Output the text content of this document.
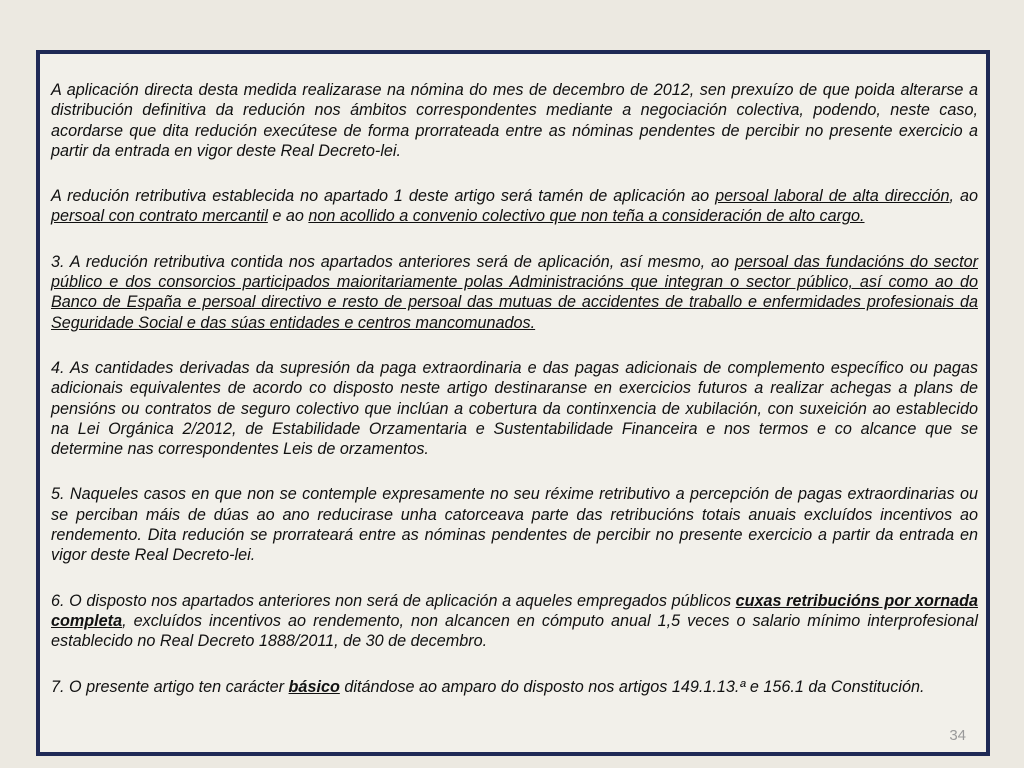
A aplicación directa desta medida realizarase na nómina do mes de decembro de 2012, sen prexuízo de que poida alterarse a distribución definitiva da redución nos ámbitos correspondentes mediante a negociación colectiva, podendo, neste caso, acordarse que dita redución execútese de forma prorrateada entre as nóminas pendentes de percibir no presente exercicio a partir da entrada en vigor deste Real Decreto-lei.

A redución retributiva establecida no apartado 1 deste artigo será tamén de aplicación ao persoal laboral de alta dirección, ao persoal con contrato mercantil e ao non acollido a convenio colectivo que non teña a consideración de alto cargo.

3. A redución retributiva contida nos apartados anteriores será de aplicación, así mesmo, ao persoal das fundacións do sector público e dos consorcios participados maioritariamente polas Administracións que integran o sector público, así como ao do Banco de España e persoal directivo e resto de persoal das mutuas de accidentes de traballo e enfermidades profesionais da Seguridade Social e das súas entidades e centros mancomunados.

4. As cantidades derivadas da supresión da paga extraordinaria e das pagas adicionais de complemento específico ou pagas adicionais equivalentes de acordo co disposto neste artigo destinaranse en exercicios futuros a realizar achegas a plans de pensións ou contratos de seguro colectivo que inclúan a cobertura da continxencia de xubilación, con suxeición ao establecido na Lei Orgánica 2/2012, de Estabilidade Orzamentaria e Sustentabilidade Financeira e nos termos e co alcance que se determine nas correspondentes Leis de orzamentos.

5. Naqueles casos en que non se contemple expresamente no seu réxime retributivo a percepción de pagas extraordinarias ou se perciban máis de dúas ao ano reducirase unha catorceava parte das retribucións totais anuais excluídos incentivos ao rendemento. Dita redución se prorrateará entre as nóminas pendentes de percibir no presente exercicio a partir da entrada en vigor deste Real Decreto-lei.

6. O disposto nos apartados anteriores non será de aplicación a aqueles empregados públicos cuxas retribucións por xornada completa, excluídos incentivos ao rendemento, non alcancen en cómputo anual 1,5 veces o salario mínimo interprofesional establecido no Real Decreto 1888/2011, de 30 de decembro.

7. O presente artigo ten carácter básico ditándose ao amparo do disposto nos artigos 149.1.13.ª e 156.1 da Constitución.

34
